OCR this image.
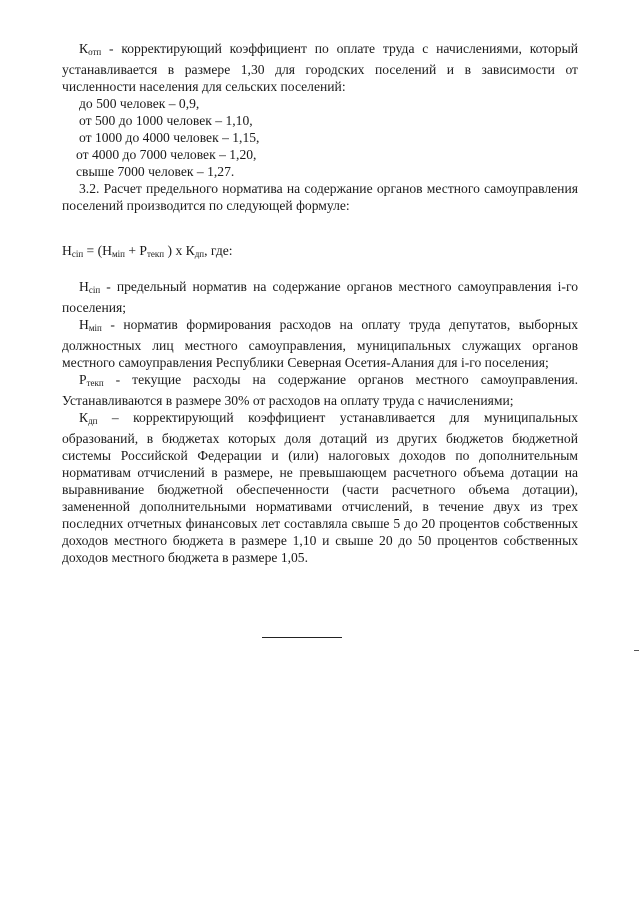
$К_{отп}$ - корректирующий коэффициент по оплате труда с начислениями, который устанавливается в размере 1,30 для городских поселений и в зависимости от численности населения для сельских поселений:

до 500 человек – 0,9,
от 500 до 1000 человек – 1,10,
от 1000 до 4000 человек – 1,15,
от 4000 до 7000 человек – 1,20,
свыше 7000 человек – 1,27.

3.2. Расчет предельного норматива на содержание органов местного самоуправления поселений производится по следующей формуле:

$Н_{сіп} = (Н_{міп} + Р_{текп}$ ) х $К_{дп}$, где:

$Н_{сіп}$ - предельный норматив на содержание органов местного самоуправления і-го поселения;

$Н_{міп}$ - норматив формирования расходов на оплату труда депутатов, выборных должностных лиц местного самоуправления, муниципальных служащих органов местного самоуправления Республики Северная Осетия-Алания для і-го поселения;

$Р_{текп}$ - текущие расходы на содержание органов местного самоуправления. Устанавливаются в размере 30% от расходов на оплату труда с начислениями;

$К_{дп}$ – корректирующий коэффициент устанавливается для муниципальных образований, в бюджетах которых доля дотаций из других бюджетов бюджетной системы Российской Федерации и (или) налоговых доходов по дополнительным нормативам отчислений в размере, не превышающем расчетного объема дотации на выравнивание бюджетной обеспеченности (части расчетного объема дотации), замененной дополнительными нормативами отчислений, в течение двух из трех последних отчетных финансовых лет составляла свыше 5 до 20 процентов собственных доходов местного бюджета в размере 1,10 и свыше 20 до 50 процентов собственных доходов местного бюджета в размере 1,05.
